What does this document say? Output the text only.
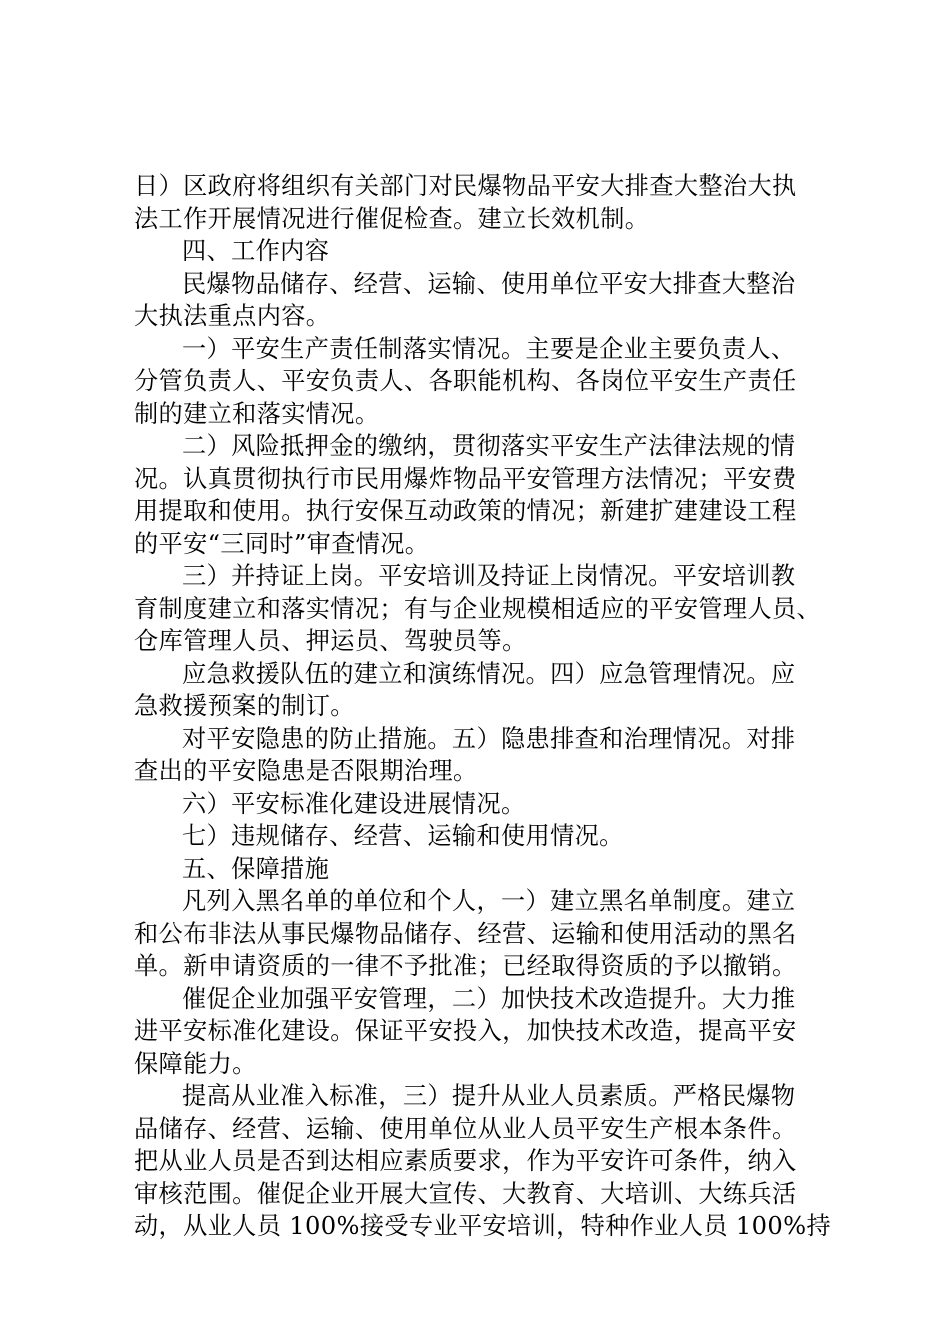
日）区政府将组织有关部门对民爆物品平安大排查大整治大执
法工作开展情况进行催促检查。建立长效机制。
四、工作内容
民爆物品储存、经营、运输、使用单位平安大排查大整治
大执法重点内容。
一）平安生产责任制落实情况。主要是企业主要负责人、
分管负责人、平安负责人、各职能机构、各岗位平安生产责任
制的建立和落实情况。
二）风险抵押金的缴纳，贯彻落实平安生产法律法规的情
况。认真贯彻执行市民用爆炸物品平安管理方法情况；平安费
用提取和使用。执行安保互动政策的情况；新建扩建建设工程
的平安“三同时”审查情况。
三）并持证上岗。平安培训及持证上岗情况。平安培训教
育制度建立和落实情况；有与企业规模相适应的平安管理人员、
仓库管理人员、押运员、驾驶员等。
应急救援队伍的建立和演练情况。四）应急管理情况。应
急救援预案的制订。
对平安隐患的防止措施。五）隐患排查和治理情况。对排
查出的平安隐患是否限期治理。
六）平安标准化建设进展情况。
七）违规储存、经营、运输和使用情况。
五、保障措施
凡列入黑名单的单位和个人，一）建立黑名单制度。建立
和公布非法从事民爆物品储存、经营、运输和使用活动的黑名
单。新申请资质的一律不予批准；已经取得资质的予以撤销。
催促企业加强平安管理，二）加快技术改造提升。大力推
进平安标准化建设。保证平安投入，加快技术改造，提高平安
保障能力。
提高从业准入标准，三）提升从业人员素质。严格民爆物
品储存、经营、运输、使用单位从业人员平安生产根本条件。
把从业人员是否到达相应素质要求，作为平安许可条件，纳入
审核范围。催促企业开展大宣传、大教育、大培训、大练兵活
动，从业人员 100%接受专业平安培训，特种作业人员 100%持
